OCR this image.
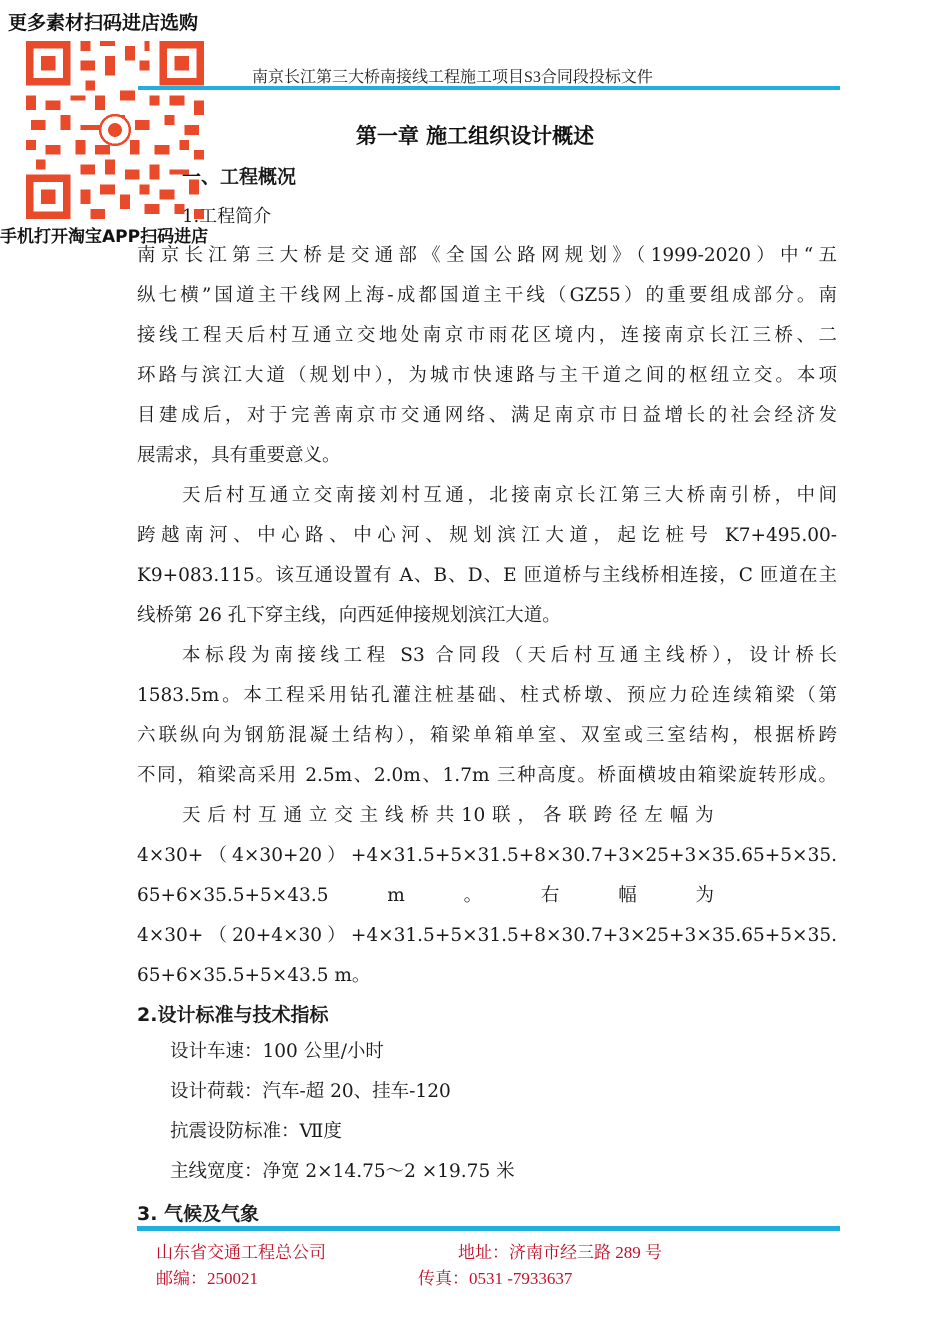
更多素材扫码进店选购
手机打开淘宝APP扫码进店
南京长江第三大桥南接线工程施工项目S3合同段投标文件
第一章 施工组织设计概述
一、工程概况
1.工程简介
南京长江第三大桥是交通部《全国公路网规划》（1999-2020）中“五
纵七横”国道主干线网上海-成都国道主干线（GZ55）的重要组成部分。南
接线工程天后村互通立交地处南京市雨花区境内，连接南京长江三桥、二
环路与滨江大道（规划中），为城市快速路与主干道之间的枢纽立交。本项
目建成后，对于完善南京市交通网络、满足南京市日益增长的社会经济发
展需求，具有重要意义。
天后村互通立交南接刘村互通，北接南京长江第三大桥南引桥，中间
跨越南河、中心路、中心河、规划滨江大道，起讫桩号 K7+495.00-
K9+083.115。该互通设置有 A、B、D、E 匝道桥与主线桥相连接，C 匝道在主
线桥第 26 孔下穿主线，向西延伸接规划滨江大道。
本标段为南接线工程 S3 合同段（天后村互通主线桥），设计桥长
1583.5m。本工程采用钻孔灌注桩基础、柱式桥墩、预应力砼连续箱梁（第
六联纵向为钢筋混凝土结构），箱梁单箱单室、双室或三室结构，根据桥跨
不同，箱梁高采用 2.5m、2.0m、1.7m 三种高度。桥面横坡由箱梁旋转形成。
天 后 村 互 通 立 交 主 线 桥 共 10 联 ， 各 联 跨 径 左 幅 为
4×30+（4×30+20）+4×31.5+5×31.5+8×30.7+3×25+3×35.65+5×35.
65+6×35.5+5×43.5          m          。          右          幅          为
4×30+（20+4×30）+4×31.5+5×31.5+8×30.7+3×25+3×35.65+5×35.
65+6×35.5+5×43.5 m。
2.设计标准与技术指标
设计车速：100 公里/小时
设计荷载：汽车-超 20、挂车-120
抗震设防标准：Ⅶ度
主线宽度：净宽 2×14.75～2 ×19.75 米
3. 气候及气象
山东省交通工程总公司	地址：济南市经三路 289 号
邮编：250021	传真：0531 -7933637
